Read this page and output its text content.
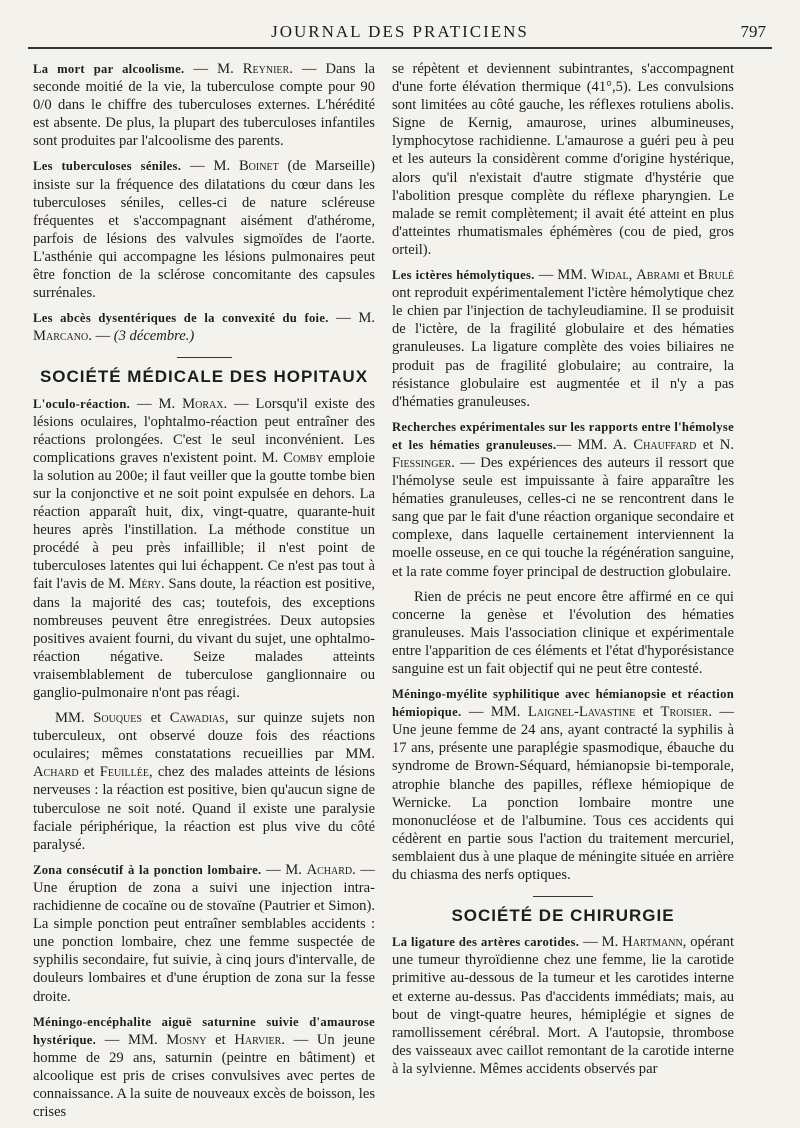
JOURNAL DES PRATICIENS	797

La mort par alcoolisme. — M. Reynier. — Dans la seconde moitié de la vie, la tuberculose compte pour 90 0/0 dans le chiffre des tuberculoses externes. L'hérédité est absente. De plus, la plupart des tuberculoses infantiles sont produites par l'alcoolisme des parents.

Les tuberculoses séniles. — M. Boinet (de Marseille) insiste sur la fréquence des dilatations du cœur dans les tuberculoses séniles, celles-ci de nature scléreuse fréquentes et s'accompagnant aisément d'athérome, parfois de lésions des valvules sigmoïdes de l'aorte. L'asthénie qui accompagne les lésions pulmonaires peut être fonction de la sclérose concomitante des capsules surrénales.

Les abcès dysentériques de la convexité du foie. — M. Marcano. — (3 décembre.)

SOCIÉTÉ MÉDICALE DES HOPITAUX

L'oculo-réaction. — M. Morax. — Lorsqu'il existe des lésions oculaires, l'ophtalmo-réaction peut entraîner des réactions prolongées. C'est le seul inconvénient. Les complications graves n'existent point. M. Comby emploie la solution au 200e; il faut veiller que la goutte tombe bien sur la conjonctive et ne soit point expulsée en dehors. La réaction apparaît huit, dix, vingt-quatre, quarante-huit heures après l'instillation. La méthode constitue un procédé à peu près infaillible; il n'est point de tuberculoses latentes qui lui échappent. Ce n'est pas tout à fait l'avis de M. Méry. Sans doute, la réaction est positive, dans la majorité des cas; toutefois, des exceptions nombreuses peuvent être enregistrées. Deux autopsies positives avaient fourni, du vivant du sujet, une ophtalmo-réaction négative. Seize malades atteints vraisemblablement de tuberculose ganglionnaire ou ganglio-pulmonaire n'ont pas réagi.

MM. Souques et Cawadias, sur quinze sujets non tuberculeux, ont observé douze fois des réactions oculaires; mêmes constatations recueillies par MM. Achard et Feuillée, chez des malades atteints de lésions nerveuses : la réaction est positive, bien qu'aucun signe de tuberculose ne soit noté. Quand il existe une paralysie faciale périphérique, la réaction est plus vive du côté paralysé.

Zona consécutif à la ponction lombaire. — M. Achard. — Une éruption de zona a suivi une injection intra-rachidienne de cocaïne ou de stovaïne (Pautrier et Simon). La simple ponction peut entraîner semblables accidents : une ponction lombaire, chez une femme suspectée de syphilis secondaire, fut suivie, à cinq jours d'intervalle, de douleurs lombaires et d'une éruption de zona sur la fesse droite.

Méningo-encéphalite aiguë saturnine suivie d'amaurose hystérique. — MM. Mosny et Harvier. — Un jeune homme de 29 ans, saturnin (peintre en bâtiment) et alcoolique est pris de crises convulsives avec pertes de connaissance. A la suite de nouveaux excès de boisson, les crises

se répètent et deviennent subintrantes, s'accompagnent d'une forte élévation thermique (41°,5). Les convulsions sont limitées au côté gauche, les réflexes rotuliens abolis. Signe de Kernig, amaurose, urines albumineuses, lymphocytose rachidienne. L'amaurose a guéri peu à peu et les auteurs la considèrent comme d'origine hystérique, alors qu'il n'existait d'autre stigmate d'hystérie que l'abolition presque complète du réflexe pharyngien. Le malade se remit complètement; il avait été atteint en plus d'atteintes rhumatismales éphémères (cou de pied, gros orteil).

Les ictères hémolytiques. — MM. Widal, Abrami et Brulé ont reproduit expérimentalement l'ictère hémolytique chez le chien par l'injection de tachyleudiamine. Il se produisit de l'ictère, de la fragilité globulaire et des hématies granuleuses. La ligature complète des voies biliaires ne produit pas de fragilité globulaire; au contraire, la résistance globulaire est augmentée et il n'y a pas d'hématies granuleuses.

Recherches expérimentales sur les rapports entre l'hémolyse et les hématies granuleuses.— MM. A. Chauffard et N. Fiessinger. — Des expériences des auteurs il ressort que l'hémolyse seule est impuissante à faire apparaître les hématies granuleuses, celles-ci ne se rencontrent dans le sang que par le fait d'une réaction organique secondaire et complexe, dans laquelle certainement interviennent la moelle osseuse, en ce qui touche la régénération sanguine, et la rate comme foyer principal de destruction globulaire.

Rien de précis ne peut encore être affirmé en ce qui concerne la genèse et l'évolution des hématies granuleuses. Mais l'association clinique et expérimentale entre l'apparition de ces éléments et l'état d'hyporésistance sanguine est un fait objectif qui ne peut être contesté.

Méningo-myélite syphilitique avec hémianopsie et réaction hémiopique. — MM. Laignel-Lavastine et Troisier. — Une jeune femme de 24 ans, ayant contracté la syphilis à 17 ans, présente une paraplégie spasmodique, ébauche du syndrome de Brown-Séquard, hémianopsie bi-temporale, atrophie blanche des papilles, réflexe hémiopique de Wernicke. La ponction lombaire montre une mononucléose et de l'albumine. Tous ces accidents qui cédèrent en partie sous l'action du traitement mercuriel, semblaient dus à une plaque de méningite située en arrière du chiasma des nerfs optiques.

SOCIÉTÉ DE CHIRURGIE

La ligature des artères carotides. — M. Hartmann, opérant une tumeur thyroïdienne chez une femme, lie la carotide primitive au-dessous de la tumeur et les carotides interne et externe au-dessus. Pas d'accidents immédiats; mais, au bout de vingt-quatre heures, hémiplégie et signes de ramollissement cérébral. Mort. A l'autopsie, thrombose des vaisseaux avec caillot remontant de la carotide interne à la sylvienne. Mêmes accidents observés par
